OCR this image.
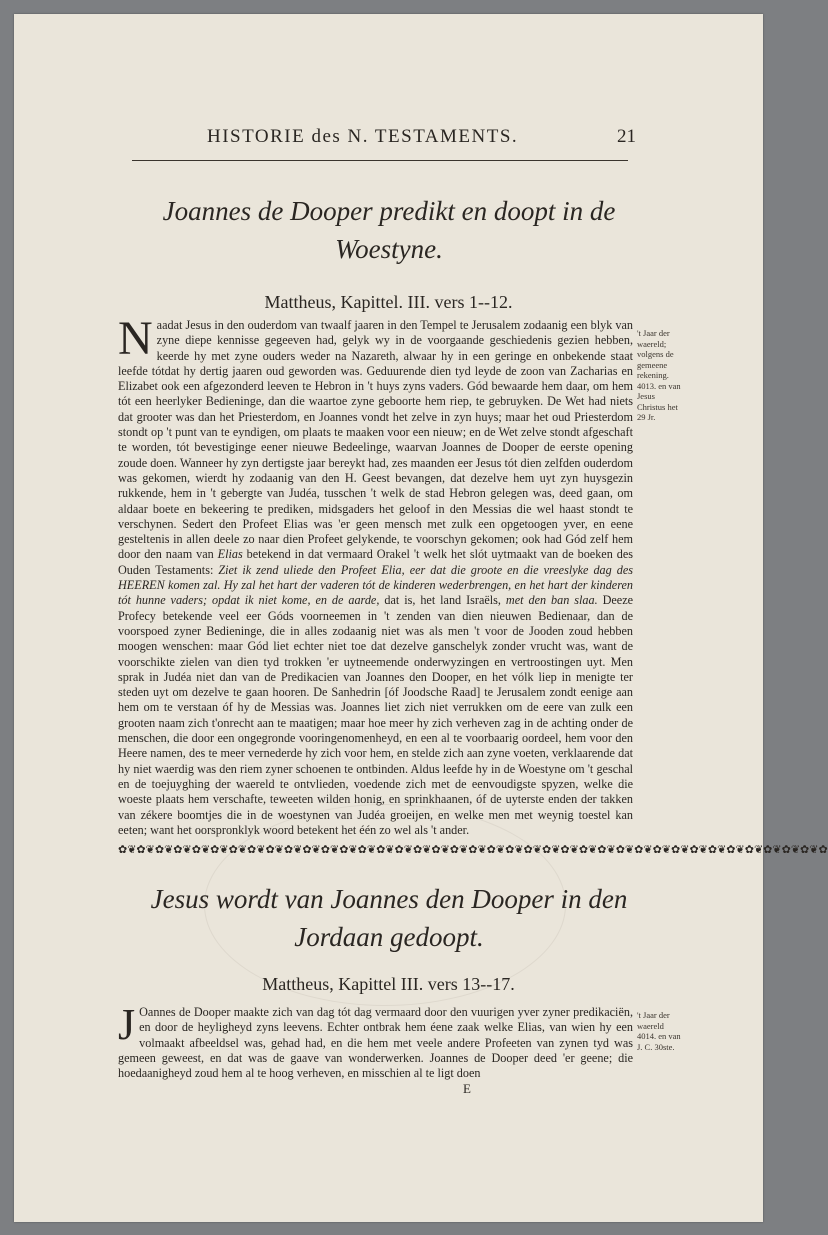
HISTORIE des N. TESTAMENTS.	21
Joannes de Dooper predikt en doopt in de Woestyne.
Mattheus, Kapittel. III. vers 1--12.
Naadat Jesus in den ouderdom van twaalf jaaren in den Tempel te Jerusalem zodaanig een blyk van zyne diepe kennisse gegeeven had, gelyk wy in de voorgaande geschiedenis gezien hebben, keerde hy met zyne ouders weder na Nazareth, alwaar hy in een geringe en onbekende staat leefde tótdat hy dertig jaaren oud geworden was. Geduurende dien tyd leyde de zoon van Zacharias en Elizabet ook een afgezonderd leeven te Hebron in 't huys zyns vaders. Gód bewaarde hem daar, om hem tót een heerlyker Bedieninge, dan die waartoe zyne geboorte hem riep, te gebruyken. De Wet had niets dat grooter was dan het Priesterdom, en Joannes vondt het zelve in zyn huys; maar het oud Priesterdom stondt op 't punt van te eyndigen, om plaats te maaken voor een nieuw; en de Wet zelve stondt afgeschaft te worden, tót bevestiginge eener nieuwe Bedeelinge, waarvan Joannes de Dooper de eerste opening zoude doen. Wanneer hy zyn dertigste jaar bereykt had, zes maanden eer Jesus tót dien zelfden ouderdom was gekomen, wierdt hy zodaanig van den H. Geest bevangen, dat dezelve hem uyt zyn huysgezin rukkende, hem in 't gebergte van Judéa, tusschen 't welk de stad Hebron gelegen was, deed gaan, om aldaar boete en bekeering te prediken, midsgaders het geloof in den Messias die wel haast stondt te verschynen. Sedert den Profeet Elias was 'er geen mensch met zulk een opgetoogen yver, en eene gesteltenis in allen deele zo naar dien Profeet gelykende, te voorschyn gekomen; ook had Gód zelf hem door den naam van Elias betekend in dat vermaard Orakel 't welk het slót uytmaakt van de boeken des Ouden Testaments: Ziet ik zend uliede den Profeet Elia, eer dat die groote en die vreeslyke dag des HEEREN komen zal. Hy zal het hart der vaderen tót de kinderen wederbrengen, en het hart der kinderen tót hunne vaders; opdat ik niet kome, en de aarde, dat is, het land Israëls, met den ban slaa. Deeze Profecy betekende veel eer Góds voorneemen in 't zenden van dien nieuwen Bedienaar, dan de voorspoed zyner Bedieninge, die in alles zodaanig niet was als men 't voor de Jooden zoud hebben moogen wenschen: maar Gód liet echter niet toe dat dezelve ganschelyk zonder vrucht was, want de voorschikte zielen van dien tyd trokken 'er uytneemende onderwyzingen en vertroostingen uyt. Men sprak in Judéa niet dan van de Predikacien van Joannes den Dooper, en het vólk liep in menigte ter steden uyt om dezelve te gaan hooren. De Sanhedrin [óf Joodsche Raad] te Jerusalem zondt eenige aan hem om te verstaan óf hy de Messias was. Joannes liet zich niet verrukken om de eere van zulk een grooten naam zich t'onrecht aan te maatigen; maar hoe meer hy zich verheven zag in de achting onder de menschen, die door een ongegronde vooringenomenheyd, en een al te voorbaarig oordeel, hem voor den Heere namen, des te meer vernederde hy zich voor hem, en stelde zich aan zyne voeten, verklaarende dat hy niet waerdig was den riem zyner schoenen te ontbinden. Aldus leefde hy in de Woestyne om 't geschal en de toejuyghing der waereld te ontvlieden, voedende zich met de eenvoudigste spyzen, welke die woeste plaats hem verschafte, teweeten wilden honig, en sprinkhaanen, óf de uyterste enden der takken van zékere boomtjes die in de woestynen van Judéa groeijen, en welke men met weynig toestel kan eeten; want het oorspronklyk woord betekent het één zo wel als 't ander.
't Jaar der waereld; volgens de gemeene rekening. 4013. en van Jesus Christus het 29 Jr.
✿❦✿❦✿❦✿❦✿❦✿❦✿❦✿❦✿❦✿❦✿❦✿❦✿❦✿❦✿❦✿❦✿❦✿❦✿❦✿❦✿❦✿❦✿❦✿❦✿❦✿❦✿❦✿❦✿❦✿❦✿❦✿❦✿❦✿❦✿❦✿❦✿❦✿❦✿
Jesus wordt van Joannes den Dooper in den Jordaan gedoopt.
Mattheus, Kapittel III. vers 13--17.
J Oannes de Dooper maakte zich van dag tót dag vermaard door den vuurigen yver zyner predikaciën, en door de heyligheyd zyns leevens. Echter ontbrak hem éene zaak welke Elias, van wien hy een volmaakt afbeeldsel was, gehad had, en die hem met veele andere Profeeten van zynen tyd was gemeen geweest, en dat was de gaave van wonderwerken. Joannes de Dooper deed 'er geene; die hoedaanigheyd zoud hem al te hoog verheven, en misschien al te ligt doen
't Jaar der waereld 4014. en van J. C. 30ste.
E
